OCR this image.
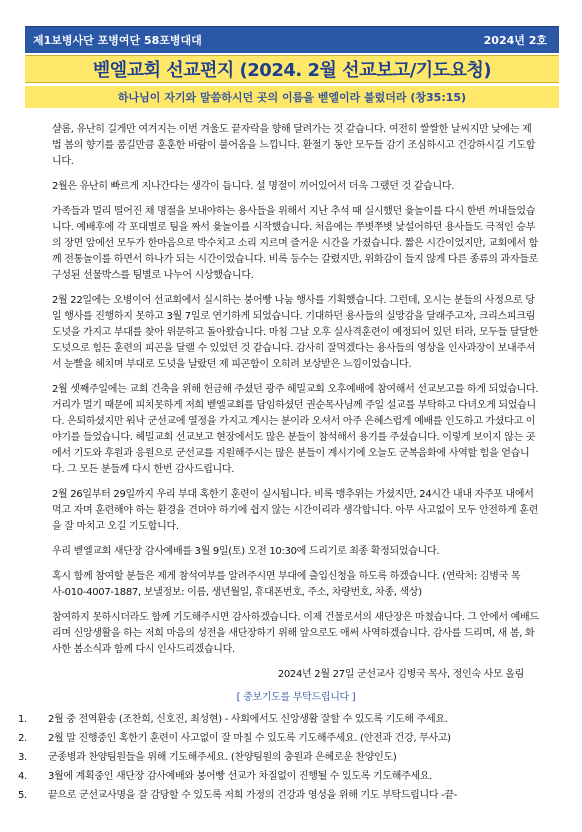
제1보병사단 포병여단 58포병대대	2024년 2호
벧엘교회 선교편지 (2024. 2월 선교보고/기도요청)
하나님이 자기와 말씀하시던 곳의 이름을 벧엘이라 불렀더라 (창35:15)

샬롬, 유난히 길게만 여겨지는 이번 겨울도 끝자락을 향해 달려가는 것 같습니다. 여전히 쌀쌀한 날씨지만 낮에는 제법 봄의 향기를 품길만큼 훈훈한 바람이 불어옴을 느낍니다. 환절기 동안 모두들 감기 조심하시고 건강하시길 기도합니다.

2월은 유난히 빠르게 지나간다는 생각이 듭니다. 설 명절이 끼어있어서 더욱 그랬던 것 같습니다.

가족들과 멀리 떨어진 채 명절을 보내야하는 용사들을 위해서 지난 추석 때 실시했던 윷놀이를 다시 한번 꺼내들었습니다. 예배후에 각 포대별로 팀을 짜서 윷놀이를 시작했습니다. 처음에는 쭈볏쭈볏 낯설어하던 용사들도 극적인 승부의 장면 앞에선 모두가 한마음으로 박수치고 소리 지르며 즐거운 시간을 가졌습니다. 짧은 시간이었지만, 교회에서 함께 전통놀이를 하면서 하나가 되는 시간이었습니다. 비록 등수는 갈렸지만, 위화감이 들지 않게 다른 종류의 과자들로 구성된 선물박스를 팀별로 나누어 시상했습니다.

2월 22일에는 오병이어 선교회에서 실시하는 붕어빵 나눔 행사를 기획했습니다. 그런데, 오시는 분들의 사정으로 당일 행사를 진행하지 못하고 3월 7일로 연기하게 되었습니다. 기대하던 용사들의 실망감을 달래주고자, 크리스피크림도넛을 가지고 부대를 찾아 위문하고 돌아왔습니다. 마침 그날 오후 실사격훈련이 예정되어 있던 터라, 모두들 달달한 도넛으로 힘든 훈련의 피곤을 달랠 수 있었던 것 같습니다. 감사히 잘먹겠다는 용사들의 영상을 인사과장이 보내주셔서 눈빨을 헤치며 부대로 도넛을 날랐던 제 피곤함이 오히려 보상받은 느낌이었습니다.

2월 셋째주일에는 교회 건축을 위해 헌금해 주셨던 광주 헤밀교회 오후예배에 참여해서 선교보고를 하게 되었습니다. 거리가 멀기 때문에 피치못하게 저희 벧엘교회를 담임하셨던 권순목사님께 주일 설교를 부탁하고 다녀오게 되었습니다. 은퇴하셨지만 워낙 군선교에 열정을 가지고 계시는 분이라 오셔서 아주 은혜스럽게 예배를 인도하고 가셨다고 이야기를 들었습니다. 헤밀교회 선교보고 현장에서도 많은 분들이 참석해서 용기를 주셨습니다. 이렇게 보이지 않는 곳에서 기도와 후원과 응원으로 군선교를 지원해주시는 많은 분들이 계시기에 오늘도 군복음화에 사역할 힘을 얻습니다. 그 모든 분들께 다시 한번 감사드립니다.

2월 26일부터 29일까지 우리 부대 혹한기 훈련이 실시됩니다. 비록 맹추위는 가셨지만, 24시간 내내 자주포 내에서 먹고 자며 훈련해야 하는 환경을 견뎌야 하기에 쉽지 않는 시간이리라 생각합니다. 아무 사고없이 모두 안전하게 훈련을 잘 마치고 오길 기도합니다.

우리 벧엘교회 새단장 감사예배를 3월 9일(토) 오전 10:30에 드리기로 최종 확정되었습니다.

혹시 함께 참여할 분들은 제게 참석여부를 알려주시면 부대에 출입신청을 하도록 하겠습니다. (연락처: 김병국 목사-010-4007-1887, 보낼정보: 이름, 생년월일, 휴대폰번호, 주소, 차량번호, 차종, 색상)

참여하지 못하시더라도 함께 기도해주시면 감사하겠습니다. 이제 건물로서의 새단장은 마쳤습니다. 그 안에서 예배드리며 신앙생활을 하는 저희 마음의 성전을 새단장하기 위해 앞으로도 애써 사역하겠습니다. 감사를 드리며, 새 봄, 화사한 봄소식과 함께 다시 인사드리겠습니다.

2024년 2월 27일 군선교사 김병국 목사, 정인숙 사모 올림
[ 중보기도를 부탁드립니다 ]
1.	2월 중 전역환송 (조찬희, 신호진, 최성현) - 사회에서도 신앙생활 잘할 수 있도록 기도해 주세요.
2.	2월 말 진행중인 혹한기 훈련이 사고없이 잘 마칠 수 있도록 기도해주세요. (안전과 건강, 무사고)
3.	군종병과 찬양팀원들을 위해 기도해주세요. (찬양팀원의 충원과 은혜로운 찬양인도)
4.	3월에 계획중인 새단장 감사예배와 붕어빵 선교가 차질없이 진행될 수 있도록 기도해주세요.
5.	끝으로 군선교사명을 잘 감당할 수 있도록 저희 가정의 건강과 영성을 위해 기도 부탁드립니다 -끝-
